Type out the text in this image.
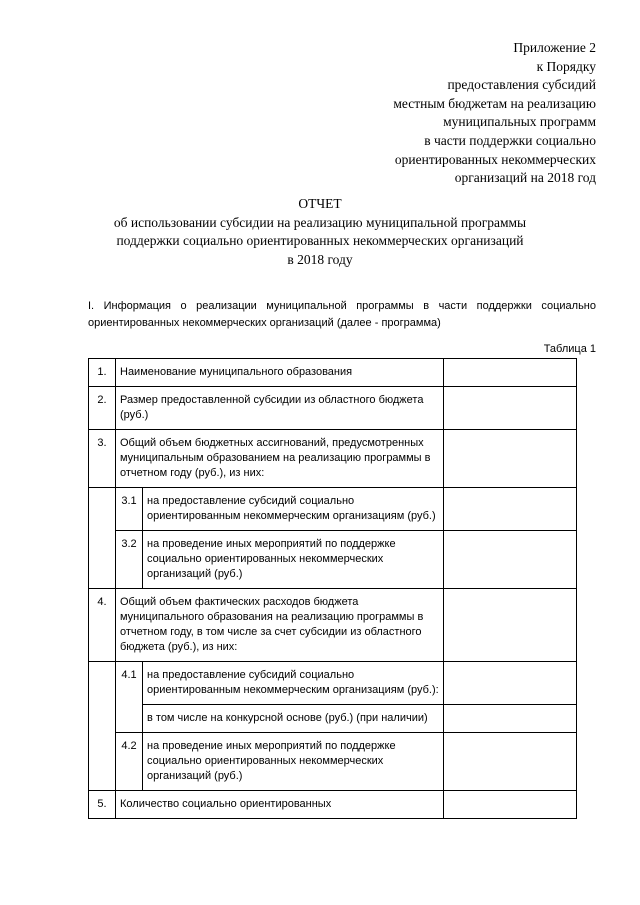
Приложение 2
к Порядку
предоставления субсидий
местным бюджетам на реализацию
муниципальных программ
в части поддержки социально
ориентированных некоммерческих
организаций на 2018 год
ОТЧЕТ
об использовании субсидии на реализацию муниципальной программы
поддержки социально ориентированных некоммерческих организаций
в 2018 году
I. Информация о реализации муниципальной программы в части поддержки социально ориентированных некоммерческих организаций (далее - программа)
Таблица 1
1.	Наименование муниципального образования		
2.	Размер предоставленной субсидии из областного бюджета (руб.)		
3.	Общий объем бюджетных ассигнований, предусмотренных муниципальным образованием на реализацию программы в отчетном году (руб.), из них:		
	3.1	на предоставление субсидий социально ориентированным некоммерческим организациям (руб.)	
	3.2	на проведение иных мероприятий по поддержке социально ориентированных некоммерческих организаций (руб.)	
4.	Общий объем фактических расходов бюджета муниципального образования на реализацию программы в отчетном году, в том числе за счет субсидии из областного бюджета (руб.), из них:		
	4.1	на предоставление субсидий социально ориентированным некоммерческим организациям (руб.):	
		в том числе на конкурсной основе (руб.) (при наличии)	
	4.2	на проведение иных мероприятий по поддержке социально ориентированных некоммерческих организаций (руб.)	
5.	Количество социально ориентированных		
